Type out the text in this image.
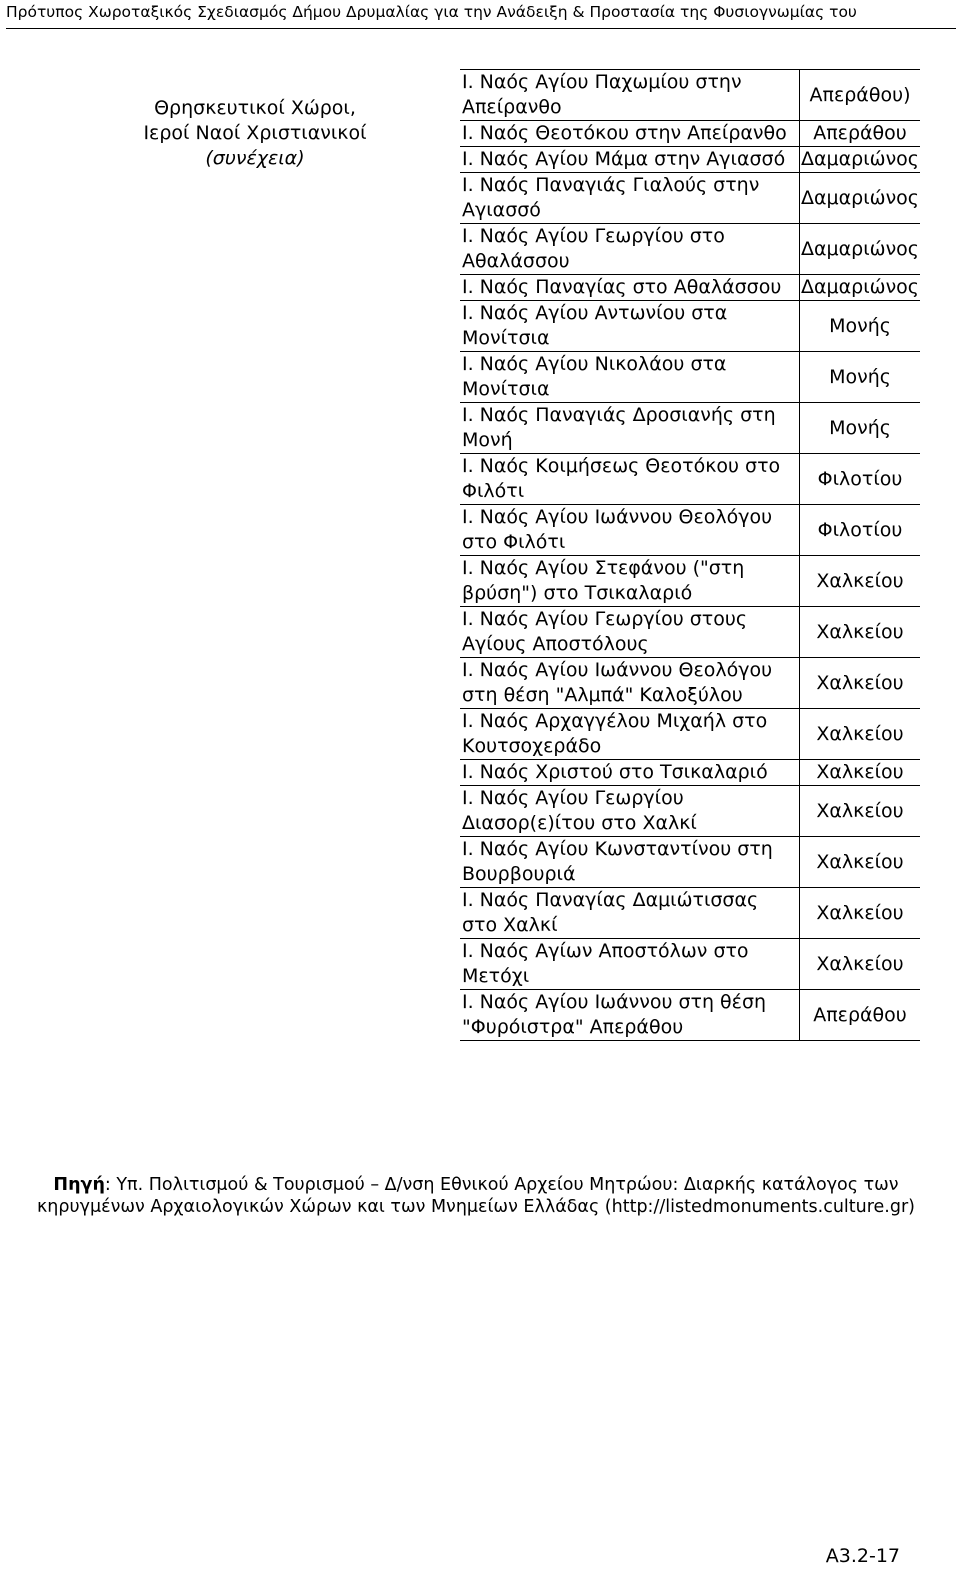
Πρότυπος Χωροταξικός Σχεδιασμός Δήμου Δρυμαλίας για την Ανάδειξη & Προστασία της Φυσιογνωμίας του
Θρησκευτικοί Χώροι,
Ιεροί Ναοί Χριστιανικοί
(συνέχεια)
Ι. Ναός Αγίου Παχωμίου στην Απείρανθο	Απεράθου)
Ι. Ναός Θεοτόκου στην Απείρανθο	Απεράθου
Ι. Ναός Αγίου Μάμα στην Αγιασσό	Δαμαριώνος
Ι. Ναός Παναγιάς Γιαλούς στην Αγιασσό	Δαμαριώνος
Ι. Ναός Αγίου Γεωργίου στο Αθαλάσσου	Δαμαριώνος
Ι. Ναός Παναγίας στο Αθαλάσσου	Δαμαριώνος
Ι. Ναός Αγίου Αντωνίου στα Μονίτσια	Μονής
Ι. Ναός Αγίου Νικολάου στα Μονίτσια	Μονής
Ι. Ναός Παναγιάς Δροσιανής στη Μονή	Μονής
Ι. Ναός Κοιμήσεως Θεοτόκου στο Φιλότι	Φιλοτίου
Ι. Ναός Αγίου Ιωάννου Θεολόγου στο Φιλότι	Φιλοτίου
Ι. Ναός Αγίου Στεφάνου ("στη βρύση") στο Τσικαλαριό	Χαλκείου
Ι. Ναός Αγίου Γεωργίου στους Αγίους Αποστόλους	Χαλκείου
Ι. Ναός Αγίου Ιωάννου Θεολόγου στη θέση "Αλμπά" Καλοξύλου	Χαλκείου
Ι. Ναός Αρχαγγέλου Μιχαήλ στο Κουτσοχεράδο	Χαλκείου
Ι. Ναός Χριστού στο Τσικαλαριό	Χαλκείου
Ι. Ναός Αγίου Γεωργίου Διασορ(ε)ίτου στο Χαλκί	Χαλκείου
Ι. Ναός Αγίου Κωνσταντίνου στη Βουρβουριά	Χαλκείου
Ι. Ναός Παναγίας Δαμιώτισσας στο Χαλκί	Χαλκείου
Ι. Ναός Αγίων Αποστόλων στο Μετόχι	Χαλκείου
Ι. Ναός Αγίου Ιωάννου στη θέση "Φυρόιστρα" Απεράθου	Απεράθου
Πηγή: Υπ. Πολιτισμού & Τουρισμού – Δ/νση Εθνικού Αρχείου Μητρώου: Διαρκής κατάλογος των κηρυγμένων Αρχαιολογικών Χώρων και των Μνημείων Ελλάδας (http://listedmonuments.culture.gr)
Α3.2-17
